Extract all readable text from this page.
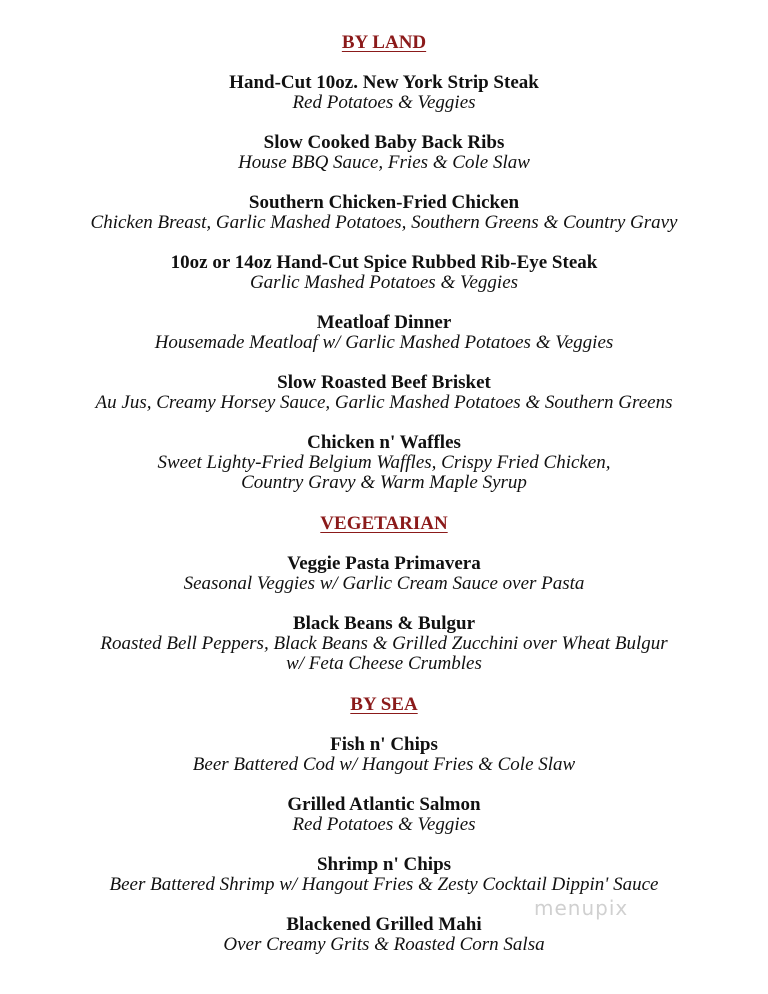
BY LAND
Hand-Cut 10oz. New York Strip Steak
Red Potatoes & Veggies
Slow Cooked Baby Back Ribs
House BBQ Sauce, Fries & Cole Slaw
Southern Chicken-Fried Chicken
Chicken Breast, Garlic Mashed Potatoes, Southern Greens & Country Gravy
10oz or 14oz Hand-Cut Spice Rubbed Rib-Eye Steak
Garlic Mashed Potatoes & Veggies
Meatloaf Dinner
Housemade Meatloaf w/ Garlic Mashed Potatoes & Veggies
Slow Roasted Beef Brisket
Au Jus, Creamy Horsey Sauce, Garlic Mashed Potatoes & Southern Greens
Chicken n' Waffles
Sweet Lighty-Fried Belgium Waffles, Crispy Fried Chicken,
Country Gravy & Warm Maple Syrup
VEGETARIAN
Veggie Pasta Primavera
Seasonal Veggies w/ Garlic Cream Sauce over Pasta
Black Beans & Bulgur
Roasted Bell Peppers, Black Beans & Grilled Zucchini over Wheat Bulgur
w/ Feta Cheese Crumbles
BY SEA
Fish n' Chips
Beer Battered Cod w/ Hangout Fries & Cole Slaw
Grilled Atlantic Salmon
Red Potatoes & Veggies
Shrimp n' Chips
Beer Battered Shrimp w/ Hangout Fries & Zesty Cocktail Dippin' Sauce
Blackened Grilled Mahi
Over Creamy Grits & Roasted Corn Salsa
menupix
